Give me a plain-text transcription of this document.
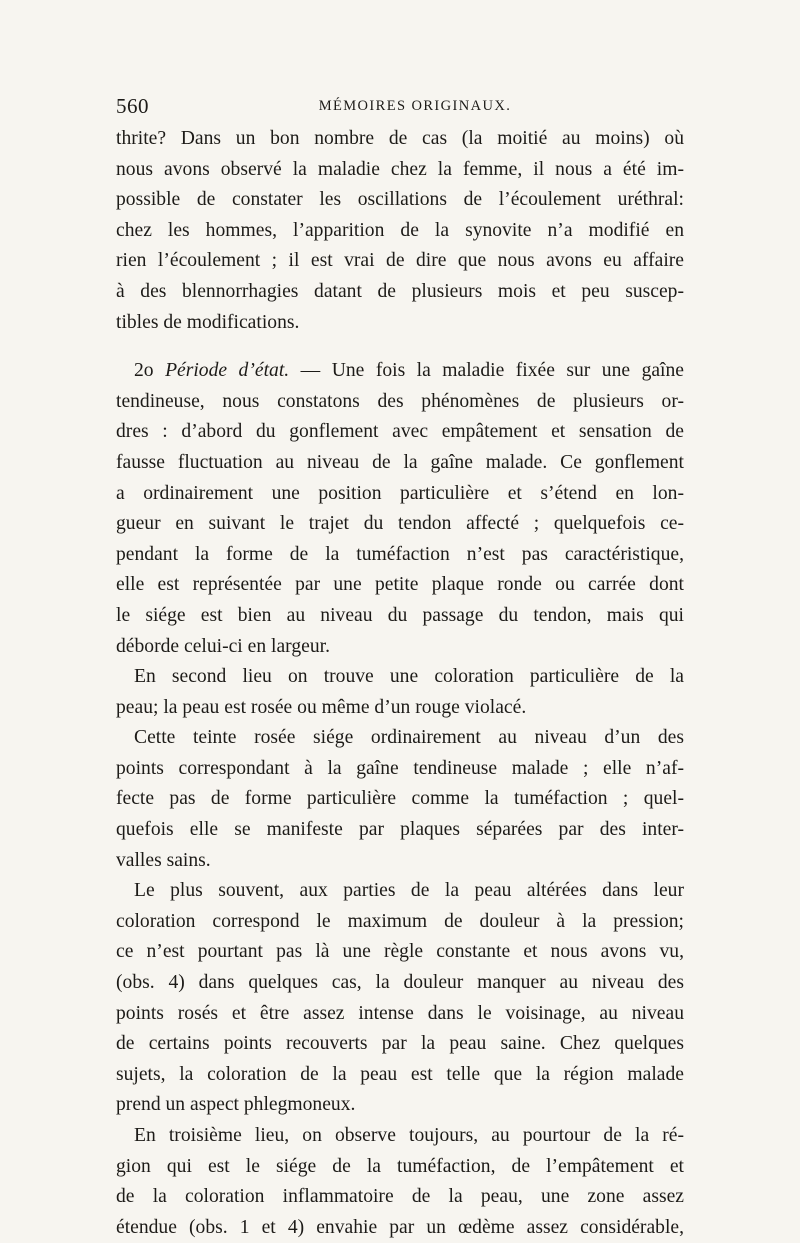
560	MÉMOIRES ORIGINAUX.
thrite? Dans un bon nombre de cas (la moitié au moins) où
nous avons observé la maladie chez la femme, il nous a été im-
possible de constater les oscillations de l’écoulement uréthral:
chez les hommes, l’apparition de la synovite n’a modifié en
rien l’écoulement ; il est vrai de dire que nous avons eu affaire
à des blennorrhagies datant de plusieurs mois et peu suscep-
tibles de modifications.
2o Période d’état. — Une fois la maladie fixée sur une gaîne
tendineuse, nous constatons des phénomènes de plusieurs or-
dres : d’abord du gonflement avec empâtement et sensation de
fausse fluctuation au niveau de la gaîne malade. Ce gonflement
a ordinairement une position particulière et s’étend en lon-
gueur en suivant le trajet du tendon affecté ; quelquefois ce-
pendant la forme de la tuméfaction n’est pas caractéristique,
elle est représentée par une petite plaque ronde ou carrée dont
le siége est bien au niveau du passage du tendon, mais qui
déborde celui-ci en largeur.
En second lieu on trouve une coloration particulière de la
peau; la peau est rosée ou même d’un rouge violacé.
Cette teinte rosée siége ordinairement au niveau d’un des
points correspondant à la gaîne tendineuse malade ; elle n’af-
fecte pas de forme particulière comme la tuméfaction ; quel-
quefois elle se manifeste par plaques séparées par des inter-
valles sains.
Le plus souvent, aux parties de la peau altérées dans leur
coloration correspond le maximum de douleur à la pression;
ce n’est pourtant pas là une règle constante et nous avons vu,
(obs. 4) dans quelques cas, la douleur manquer au niveau des
points rosés et être assez intense dans le voisinage, au niveau
de certains points recouverts par la peau saine. Chez quelques
sujets, la coloration de la peau est telle que la région malade
prend un aspect phlegmoneux.
En troisième lieu, on observe toujours, au pourtour de la ré-
gion qui est le siége de la tuméfaction, de l’empâtement et
de la coloration inflammatoire de la peau, une zone assez
étendue (obs. 1 et 4) envahie par un œdème assez considérable,
